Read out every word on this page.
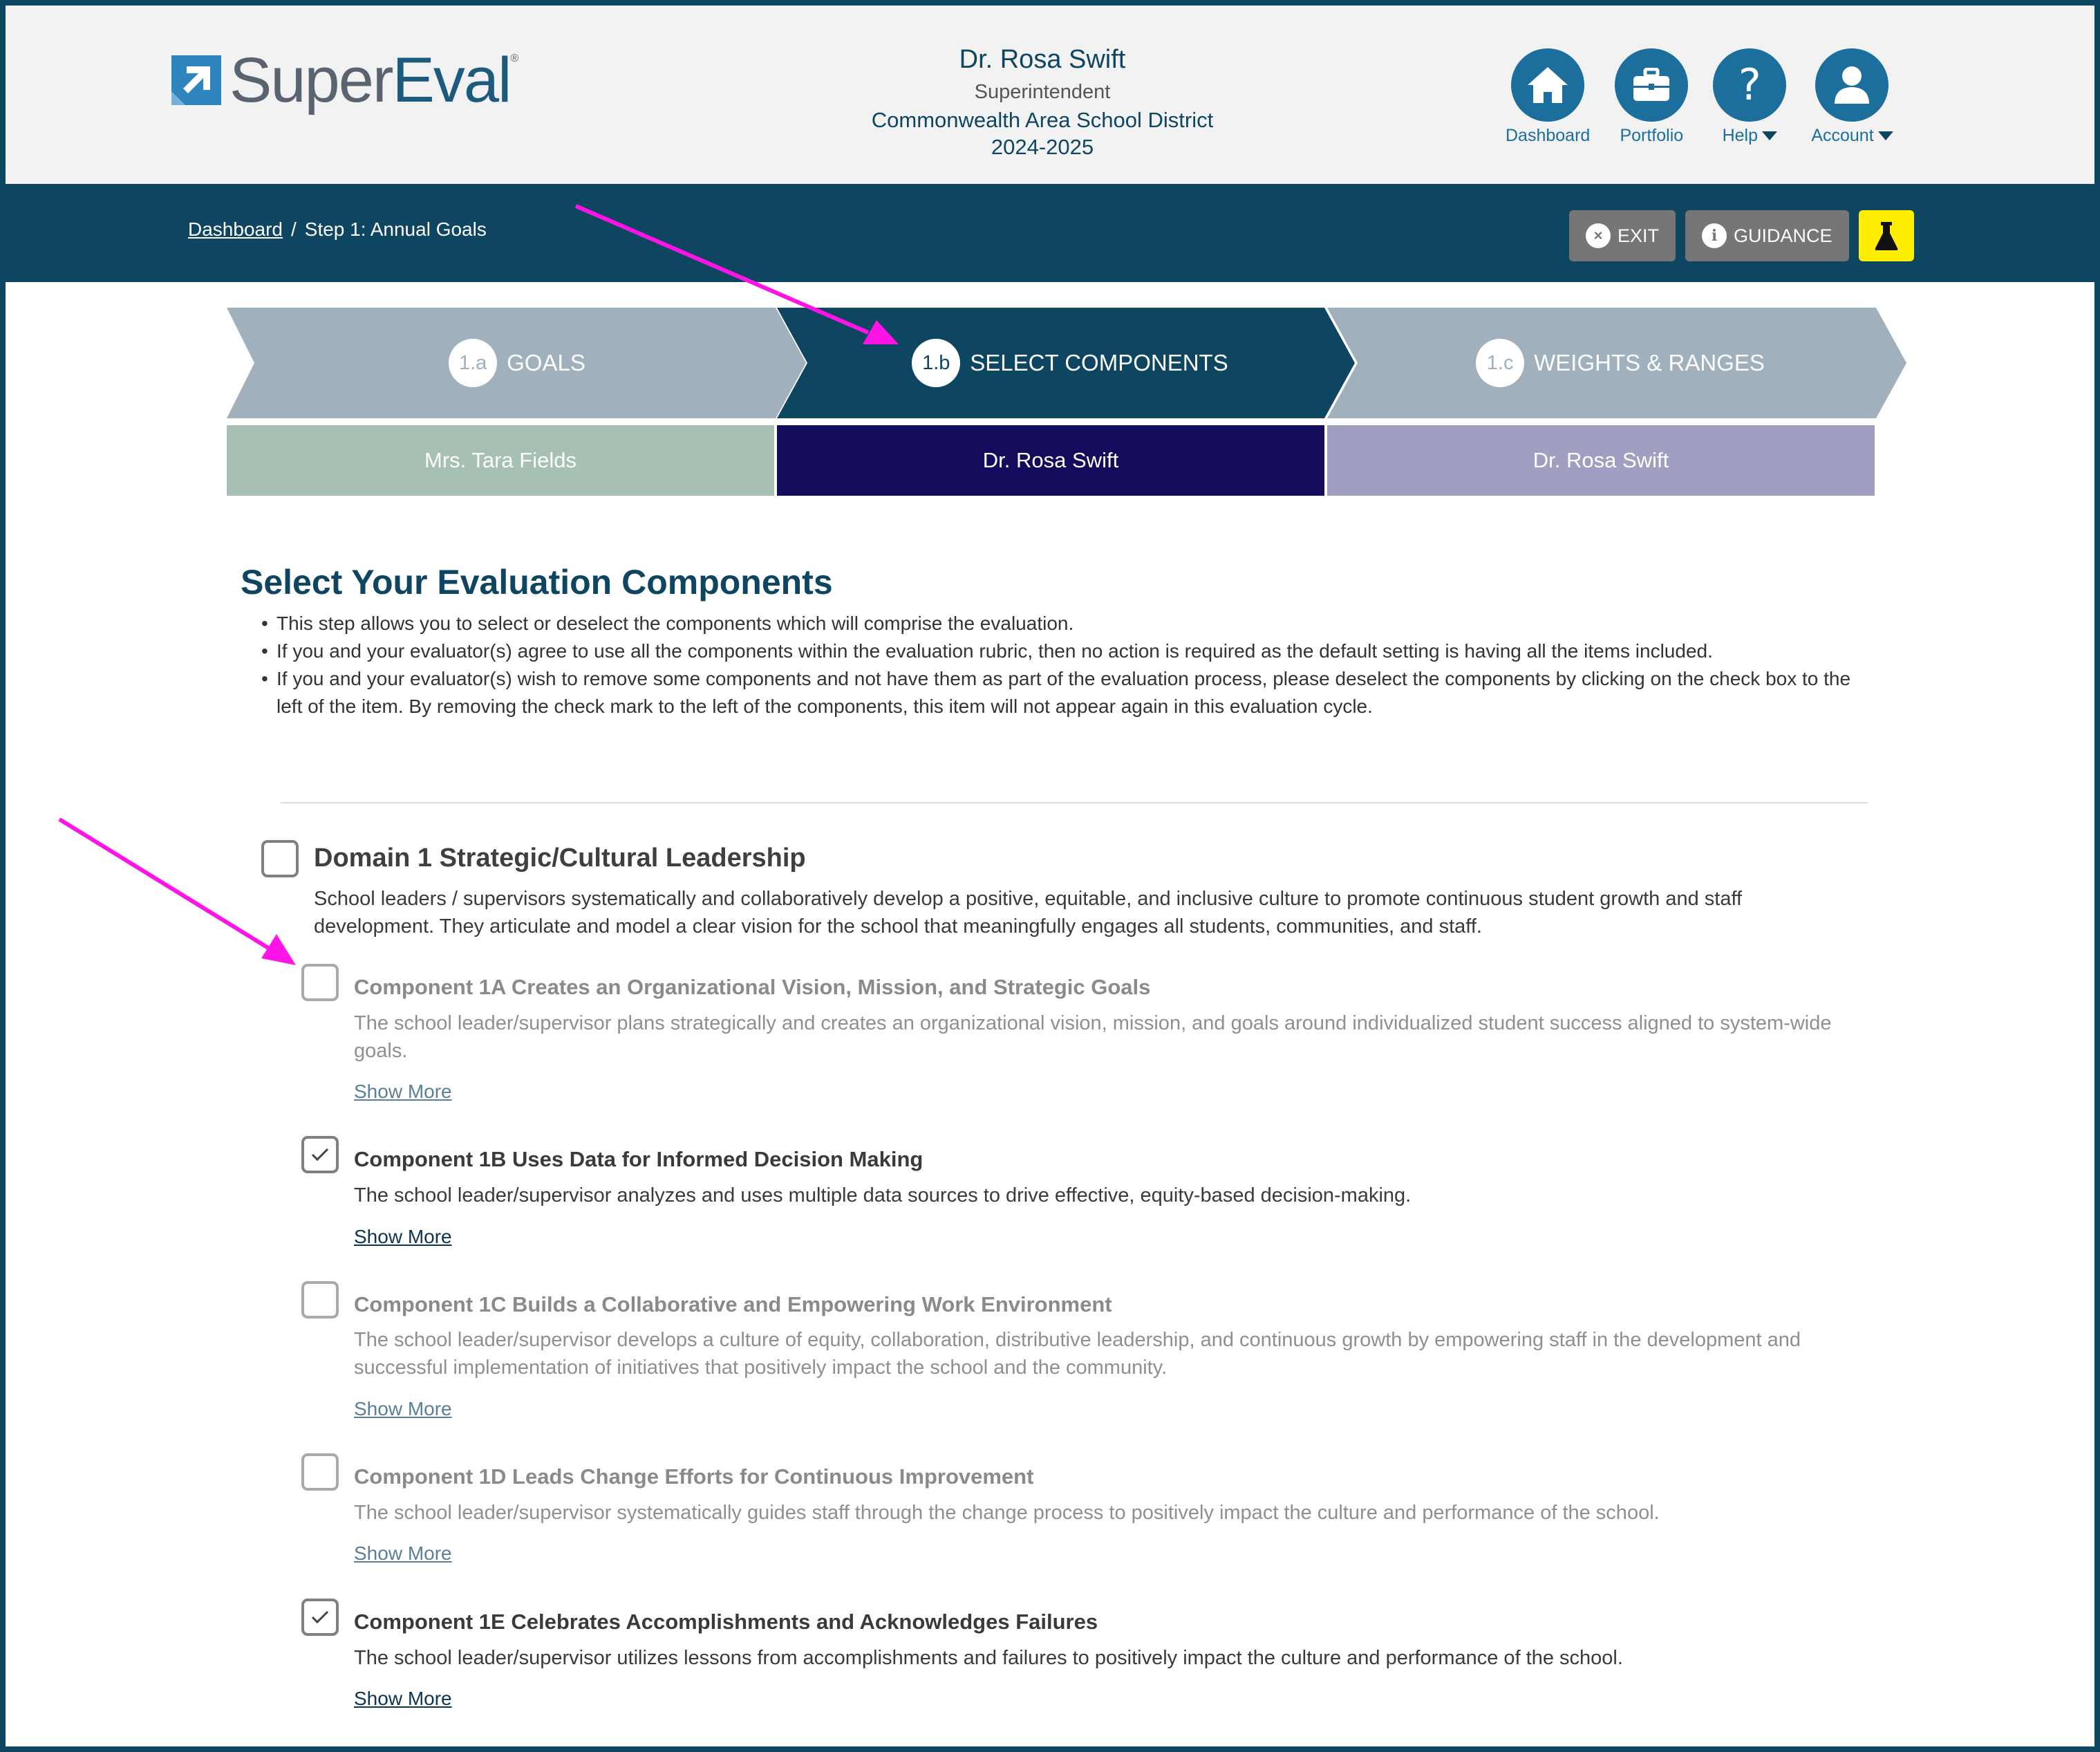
SuperEval ®	Dr. Rosa Swift
Superintendent
Commonwealth Area School District
2024-2025	Dashboard Portfolio
?
Help	Account
Dashboard / Step 1: Annual Goals	× EXIT	i GUIDANCE
1.a GOALS	1.b SELECT COMPONENTS	1.c WEIGHTS & RANGES
Mrs. Tara Fields	Dr. Rosa Swift	Dr. Rosa Swift
Select Your Evaluation Components
• This step allows you to select or deselect the components which will comprise the evaluation.
• If you and your evaluator(s) agree to use all the components within the evaluation rubric, then no action is required as the default setting is having all the items included.
• If you and your evaluator(s) wish to remove some components and not have them as part of the evaluation process, please deselect the components by clicking on the check box to the left of the item. By removing the check mark to the left of the components, this item will not appear again in this evaluation cycle.
Domain 1 Strategic/Cultural Leadership
School leaders / supervisors systematically and collaboratively develop a positive, equitable, and inclusive culture to promote continuous student growth and staff development. They articulate and model a clear vision for the school that meaningfully engages all students, communities, and staff.
Component 1A Creates an Organizational Vision, Mission, and Strategic Goals
The school leader/supervisor plans strategically and creates an organizational vision, mission, and goals around individualized student success aligned to system-wide goals.
Show More
Component 1B Uses Data for Informed Decision Making
The school leader/supervisor analyzes and uses multiple data sources to drive effective, equity-based decision-making.
Show More
Component 1C Builds a Collaborative and Empowering Work Environment
The school leader/supervisor develops a culture of equity, collaboration, distributive leadership, and continuous growth by empowering staff in the development and successful implementation of initiatives that positively impact the school and the community.
Show More
Component 1D Leads Change Efforts for Continuous Improvement
The school leader/supervisor systematically guides staff through the change process to positively impact the culture and performance of the school.
Show More
Component 1E Celebrates Accomplishments and Acknowledges Failures
The school leader/supervisor utilizes lessons from accomplishments and failures to positively impact the culture and performance of the school.
Show More
